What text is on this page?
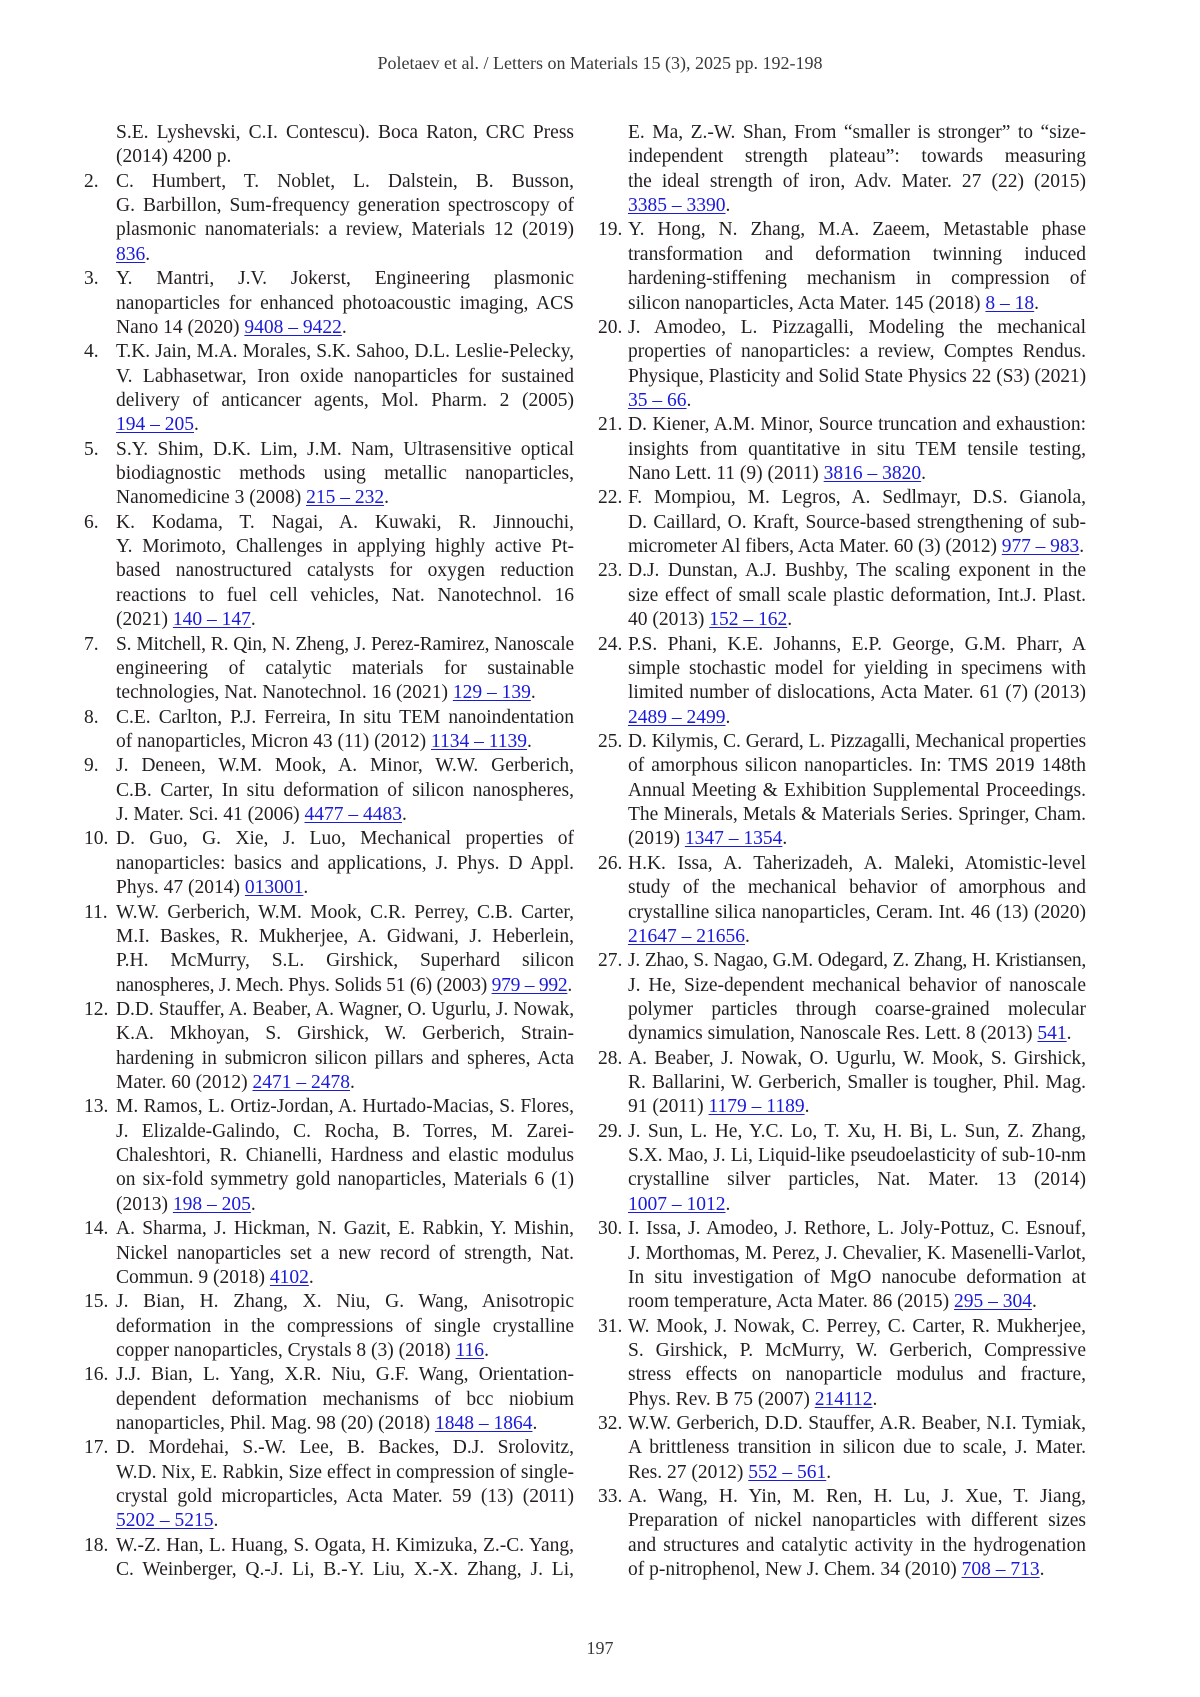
Poletaev et al. / Letters on Materials 15 (3), 2025 pp. 192-198
S.E. Lyshevski, C.I. Contescu). Boca Raton, CRC Press
(2014) 4200 p.
2. C. Humbert, T. Noblet, L. Dalstein, B. Busson,
G. Barbillon, Sum-frequency generation spectroscopy of
plasmonic nanomaterials: a review, Materials 12 (2019)
836.
3. Y. Mantri, J.V. Jokerst, Engineering plasmonic
nanoparticles for enhanced photoacoustic imaging, ACS
Nano 14 (2020) 9408 – 9422.
4. T.K. Jain, M.A. Morales, S.K. Sahoo, D.L. Leslie-Pelecky,
V. Labhasetwar, Iron oxide nanoparticles for sustained
delivery of anticancer agents, Mol. Pharm. 2 (2005)
194 – 205.
5. S.Y. Shim, D.K. Lim, J.M. Nam, Ultrasensitive optical
biodiagnostic methods using metallic nanoparticles,
Nanomedicine 3 (2008) 215 – 232.
6. K. Kodama, T. Nagai, A. Kuwaki, R. Jinnouchi,
Y. Morimoto, Challenges in applying highly active Pt-
based nanostructured catalysts for oxygen reduction
reactions to fuel cell vehicles, Nat. Nanotechnol. 16
(2021) 140 – 147.
7. S. Mitchell, R. Qin, N. Zheng, J. Perez-Ramirez, Nanoscale
engineering of catalytic materials for sustainable
technologies, Nat. Nanotechnol. 16 (2021) 129 – 139.
8. C.E. Carlton, P.J. Ferreira, In situ TEM nanoindentation
of nanoparticles, Micron 43 (11) (2012) 1134 – 1139.
9. J. Deneen, W.M. Mook, A. Minor, W.W. Gerberich,
C.B. Carter, In situ deformation of silicon nanospheres,
J. Mater. Sci. 41 (2006) 4477 – 4483.
10. D. Guo, G. Xie, J. Luo, Mechanical properties of
nanoparticles: basics and applications, J. Phys. D Appl.
Phys. 47 (2014) 013001.
11. W.W. Gerberich, W.M. Mook, C.R. Perrey, C.B. Carter,
M.I. Baskes, R. Mukherjee, A. Gidwani, J. Heberlein,
P.H. McMurry, S.L. Girshick, Superhard silicon
nanospheres, J. Mech. Phys. Solids 51 (6) (2003) 979 – 992.
12. D.D. Stauffer, A. Beaber, A. Wagner, O. Ugurlu, J. Nowak,
K.A. Mkhoyan, S. Girshick, W. Gerberich, Strain-
hardening in submicron silicon pillars and spheres, Acta
Mater. 60 (2012) 2471 – 2478.
13. M. Ramos, L. Ortiz-Jordan, A. Hurtado-Macias, S. Flores,
J. Elizalde-Galindo, C. Rocha, B. Torres, M. Zarei-
Chaleshtori, R. Chianelli, Hardness and elastic modulus
on six-fold symmetry gold nanoparticles, Materials 6 (1)
(2013) 198 – 205.
14. A. Sharma, J. Hickman, N. Gazit, E. Rabkin, Y. Mishin,
Nickel nanoparticles set a new record of strength, Nat.
Commun. 9 (2018) 4102.
15. J. Bian, H. Zhang, X. Niu, G. Wang, Anisotropic
deformation in the compressions of single crystalline
copper nanoparticles, Crystals 8 (3) (2018) 116.
16. J.J. Bian, L. Yang, X.R. Niu, G.F. Wang, Orientation-
dependent deformation mechanisms of bcc niobium
nanoparticles, Phil. Mag. 98 (20) (2018) 1848 – 1864.
17. D. Mordehai, S.-W. Lee, B. Backes, D.J. Srolovitz,
W.D. Nix, E. Rabkin, Size effect in compression of single-
crystal gold microparticles, Acta Mater. 59 (13) (2011)
5202 – 5215.
18. W.-Z. Han, L. Huang, S. Ogata, H. Kimizuka, Z.-C. Yang,
C. Weinberger, Q.-J. Li, B.-Y. Liu, X.-X. Zhang, J. Li,
E. Ma, Z.-W. Shan, From “smaller is stronger” to “size-
independent strength plateau”: towards measuring
the ideal strength of iron, Adv. Mater. 27 (22) (2015)
3385 – 3390.
19. Y. Hong, N. Zhang, M.A. Zaeem, Metastable phase
transformation and deformation twinning induced
hardening-stiffening mechanism in compression of
silicon nanoparticles, Acta Mater. 145 (2018) 8 – 18.
20. J. Amodeo, L. Pizzagalli, Modeling the mechanical
properties of nanoparticles: a review, Comptes Rendus.
Physique, Plasticity and Solid State Physics 22 (S3) (2021)
35 – 66.
21. D. Kiener, A.M. Minor, Source truncation and exhaustion:
insights from quantitative in situ TEM tensile testing,
Nano Lett. 11 (9) (2011) 3816 – 3820.
22. F. Mompiou, M. Legros, A. Sedlmayr, D.S. Gianola,
D. Caillard, O. Kraft, Source-based strengthening of sub-
micrometer Al fibers, Acta Mater. 60 (3) (2012) 977 – 983.
23. D.J. Dunstan, A.J. Bushby, The scaling exponent in the
size effect of small scale plastic deformation, Int.J. Plast.
40 (2013) 152 – 162.
24. P.S. Phani, K.E. Johanns, E.P. George, G.M. Pharr, A
simple stochastic model for yielding in specimens with
limited number of dislocations, Acta Mater. 61 (7) (2013)
2489 – 2499.
25. D. Kilymis, C. Gerard, L. Pizzagalli, Mechanical properties
of amorphous silicon nanoparticles. In: TMS 2019 148th
Annual Meeting & Exhibition Supplemental Proceedings.
The Minerals, Metals & Materials Series. Springer, Cham.
(2019) 1347 – 1354.
26. H.K. Issa, A. Taherizadeh, A. Maleki, Atomistic-level
study of the mechanical behavior of amorphous and
crystalline silica nanoparticles, Ceram. Int. 46 (13) (2020)
21647 – 21656.
27. J. Zhao, S. Nagao, G.M. Odegard, Z. Zhang, H. Kristiansen,
J. He, Size-dependent mechanical behavior of nanoscale
polymer particles through coarse-grained molecular
dynamics simulation, Nanoscale Res. Lett. 8 (2013) 541.
28. A. Beaber, J. Nowak, O. Ugurlu, W. Mook, S. Girshick,
R. Ballarini, W. Gerberich, Smaller is tougher, Phil. Mag.
91 (2011) 1179 – 1189.
29. J. Sun, L. He, Y.C. Lo, T. Xu, H. Bi, L. Sun, Z. Zhang,
S.X. Mao, J. Li, Liquid-like pseudoelasticity of sub-10-nm
crystalline silver particles, Nat. Mater. 13 (2014)
1007 – 1012.
30. I. Issa, J. Amodeo, J. Rethore, L. Joly-Pottuz, C. Esnouf,
J. Morthomas, M. Perez, J. Chevalier, K. Masenelli-Varlot,
In situ investigation of MgO nanocube deformation at
room temperature, Acta Mater. 86 (2015) 295 – 304.
31. W. Mook, J. Nowak, C. Perrey, C. Carter, R. Mukherjee,
S. Girshick, P. McMurry, W. Gerberich, Compressive
stress effects on nanoparticle modulus and fracture,
Phys. Rev. B 75 (2007) 214112.
32. W.W. Gerberich, D.D. Stauffer, A.R. Beaber, N.I. Tymiak,
A brittleness transition in silicon due to scale, J. Mater.
Res. 27 (2012) 552 – 561.
33. A. Wang, H. Yin, M. Ren, H. Lu, J. Xue, T. Jiang,
Preparation of nickel nanoparticles with different sizes
and structures and catalytic activity in the hydrogenation
of p-nitrophenol, New J. Chem. 34 (2010) 708 – 713.
197
